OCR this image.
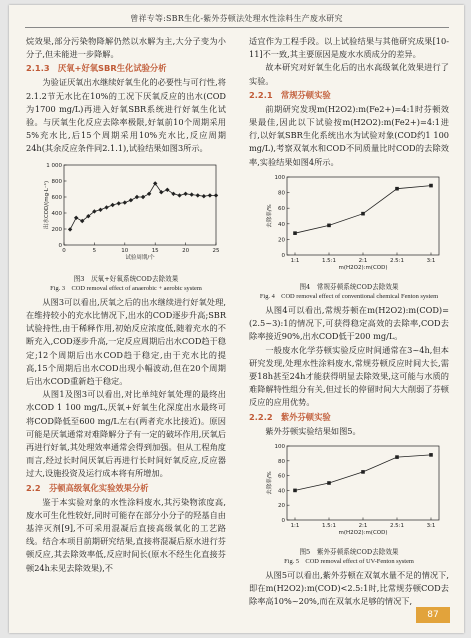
曾祥专等:SBR生化-紫外芬顿法处理水性涂料生产废水研究

烷效果,部分污染物降解仍然以水解为主,大分子变为小分子,但未能进一步降解。

2.1.3　厌氧+好氧SBR生化试验分析

为验证厌氧出水继续好氧生化的必要性与可行性,将2.1.2节无水比在10%的工况下厌氧反应的出水(COD为1700 mg/L)再进入好氧SBR系统进行好氧生化试验。与厌氧生化反应去除率极限,好氧前10个周期采用5%充水比,后15个周期采用10%充水比,反应周期24h(其余反应条件同2.1.1),试验结果如图3所示。

0
200
400
600
800
1 000
0	5	10	15	20	25
试验周期/个
出水COD/(mg·L⁻¹)
图3　厌氧+好氧系统COD去除效果
Fig. 3　COD removal effect of anaerobic + aerobic system

从图3可以看出,厌氧之后的出水继续进行好氧处理,在维持较小的充水比情况下,出水的COD逐步升高;SBR试验持性,由于稀释作用,初始反应浓度低,随着充水的不断充入,COD逐步升高,一定反应周期后出水COD趋于稳定;12个周期后出水COD趋于稳定,由于充水比的提高,15个周期后出水COD出现小幅波动,但在20个周期后出水COD重新趋于稳定。

从图1及图3可以看出,对比单纯好氧处理的最终出水COD 1 100 mg/L,厌氧+好氧生化深度出水最终可将COD降低至600 mg/L左右(两者充水比接近)。原因可能是厌氧通常对难降解分子有一定的破坏作用,厌氧后再进行好氧,其处理效率通常会得到加强。但从工程角度而言,经过长时间厌氧后再进行长时间好氧反应,反应器过大,设施投资及运行成本将有所增加。

2.2　芬顿高级氧化实验效果分析

鉴于本实验对象的水性涂料废水,其污染物浓度高,废水可生化性较好,同时可能存在部分小分子的羟基自由基淬灭剂[9],不可采用混凝后直接高级氧化的工艺路线。结合本项目前期研究结果,直接将混凝后原水进行芬顿反应,其去除效率低,反应时间长(原水不经生化直接芬顿24h未见去除效果),不

适宜作为工程手段。以上试验结果与其他研究成果[10-11]不一致,其主要原因是废水水质成分的差异。

故本研究对好氧生化后的出水高级氧化效果进行了实验。

2.2.1　常规芬顿实验

前期研究发现m(H2O2):m(Fe2+)=4:1时芬顿效果最佳,因此以下试验按m(H2O2):m(Fe2+)=4:1进行,以好氧SBR生化系统出水为试验对象(COD约1 100 mg/L),考察双氧水和COD不同质量比时COD的去除效率,实验结果如图4所示。

0
20
40
60
80
100
1:1	1.5:1	2:1	2.5:1	3:1
m(H2O2):m(COD)
去除率/%
图4　常规芬顿系统COD去除效果
Fig. 4　COD removal effect of conventional chemical Fenton system

从图4可以看出,常规芬顿在m(H2O2):m(COD)=(2.5~3):1的情况下,可获得稳定高效的去除率,COD去除率接近90%,出水COD低于200 mg/L。

一般废水化学芬顿实验反应时间通常在3~4h,但本研究发现,处理水性涂料废水,常规芬顿反应时间大长,需要18h甚至24h才能获得明显去除效果,这可能与水质的难降解特性组分有关,但过长的停留时间大大削弱了芬顿反应的应用优势。

2.2.2　紫外芬顿实验

紫外芬顿实验结果如图5。

0
20
40
60
80
100
1:1	1.5:1	2:1	2.5:1	3:1
m(H2O2):m(COD)
去除率/%
图5　紫外芬顿系统COD去除效果
Fig. 5　COD removal effect of UV-Fenton system

从图5可以看出,紫外芬顿在双氧水量不足的情况下,即在m(H2O2):m(COD)<2.5:1时,比常规芬顿COD去除率高10%~20%,而在双氧水足够的情况下,

87
